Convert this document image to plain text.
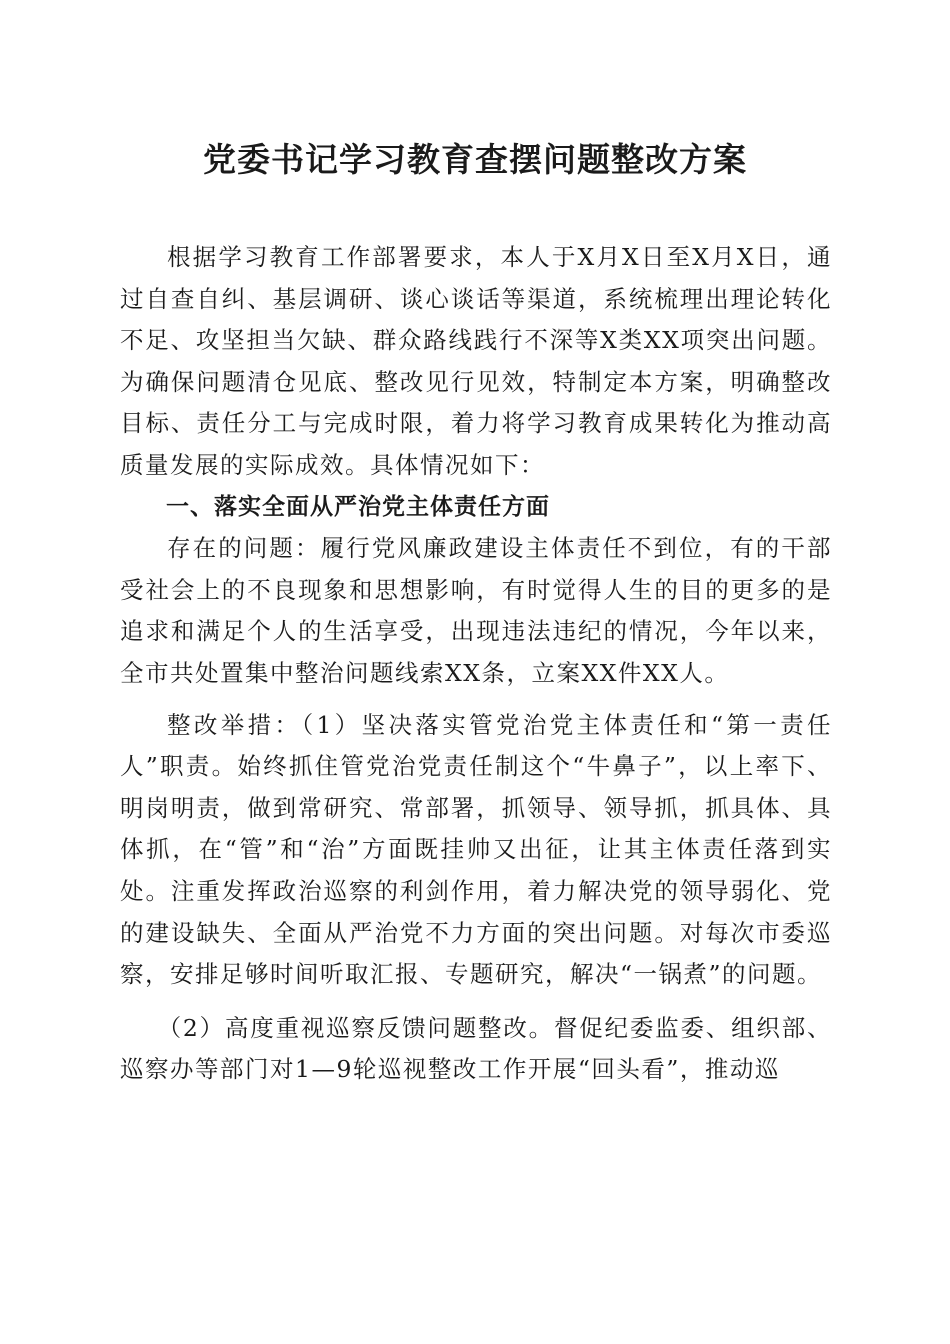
党委书记学习教育查摆问题整改方案

根据学习教育工作部署要求，本人于X月X日至X月X日，通过自查自纠、基层调研、谈心谈话等渠道，系统梳理出理论转化不足、攻坚担当欠缺、群众路线践行不深等X类XX项突出问题。为确保问题清仓见底、整改见行见效，特制定本方案，明确整改目标、责任分工与完成时限，着力将学习教育成果转化为推动高质量发展的实际成效。具体情况如下：

一、落实全面从严治党主体责任方面

存在的问题：履行党风廉政建设主体责任不到位，有的干部受社会上的不良现象和思想影响，有时觉得人生的目的更多的是追求和满足个人的生活享受，出现违法违纪的情况，今年以来，全市共处置集中整治问题线索XX条，立案XX件XX人。

整改举措：（1）坚决落实管党治党主体责任和“第一责任人”职责。始终抓住管党治党责任制这个“牛鼻子”，以上率下、明岗明责，做到常研究、常部署，抓领导、领导抓，抓具体、具体抓，在“管”和“治”方面既挂帅又出征，让其主体责任落到实处。注重发挥政治巡察的利剑作用，着力解决党的领导弱化、党的建设缺失、全面从严治党不力方面的突出问题。对每次市委巡察，安排足够时间听取汇报、专题研究，解决“一锅煮”的问题。

（2）高度重视巡察反馈问题整改。督促纪委监委、组织部、巡察办等部门对1—9轮巡视整改工作开展“回头看”，推动巡
